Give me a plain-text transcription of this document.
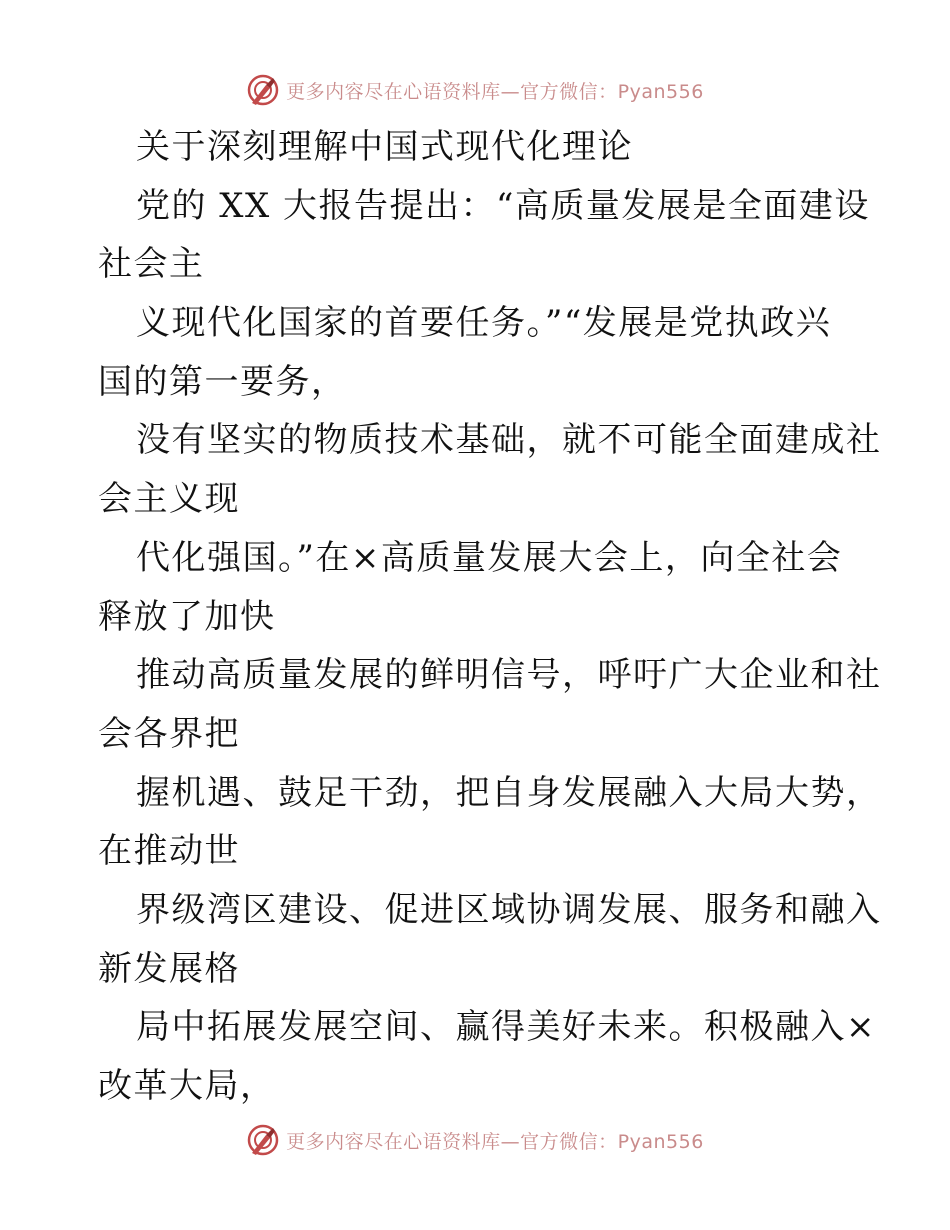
更多内容尽在心语资料库—官方微信：Pyan556
关于深刻理解中国式现代化理论
党的 XX 大报告提出：“高质量发展是全面建设
社会主
义现代化国家的首要任务。”“发展是党执政兴
国的第一要务，
没有坚实的物质技术基础，就不可能全面建成社
会主义现
代化强国。”在×高质量发展大会上，向全社会
释放了加快
推动高质量发展的鲜明信号，呼吁广大企业和社
会各界把
握机遇、鼓足干劲，把自身发展融入大局大势，
在推动世
界级湾区建设、促进区域协调发展、服务和融入
新发展格
局中拓展发展空间、赢得美好未来。积极融入×
改革大局，
更多内容尽在心语资料库—官方微信：Pyan556
